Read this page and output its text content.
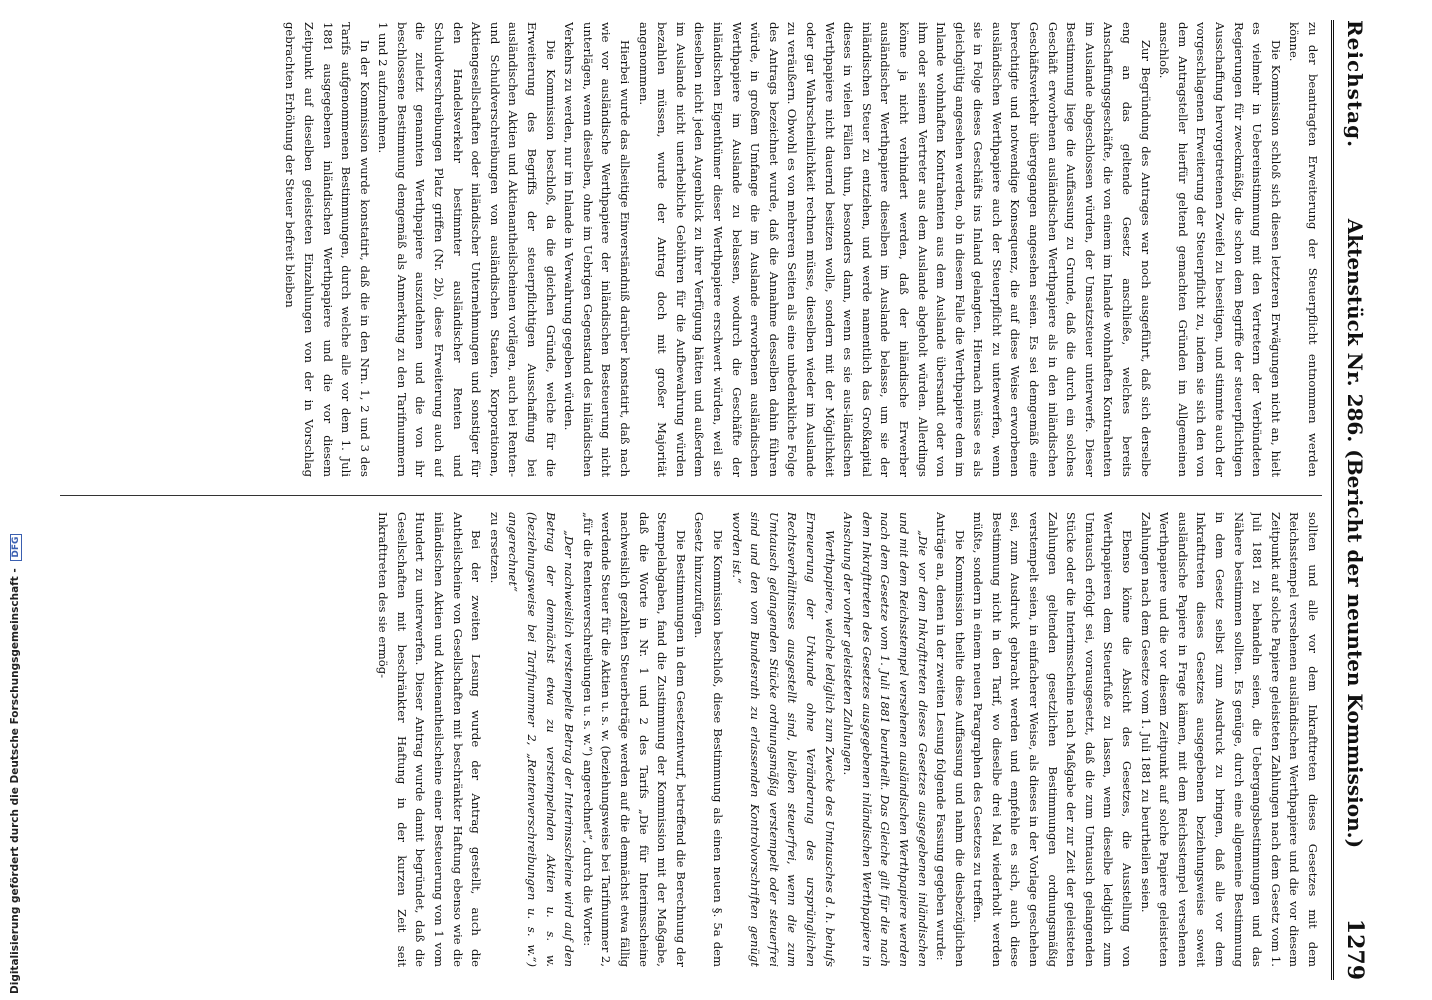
Digitalisierung gefördert durch die Deutsche Forschungsgemeinschaft - DFG
Reichstag.
Aktenstück Nr. 286. (Bericht der neunten Kommission.)
1279

zu der beantragten Erweiterung der Steuerpflicht entnommen werden könne.

Die Kommission schloß sich diesen letzteren Erwägungen nicht an, hielt es vielmehr in Uebereinstimmung mit den Vertretern der Verbündeten Regierungen für zweckmäßig, die schon dem Begriffe der steuerpflichtigen Ausschaffung hervorgetretenen Zweifel zu beseitigen, und stimmte auch der vorgeschlagenen Erweiterung der Steuerpflicht zu, indem sie sich den von dem Antragsteller hierfür geltend gemachten Gründen im Allgemeinen anschloß.

Zur Begründung des Antrages war noch ausgeführt, daß sich derselbe eng an das geltende Gesetz anschließe, welches bereits Anschaffungsgeschäfte, die von einem im Inlande wohnhaften Kontrahenten im Auslande abgeschlossen würden, der Umsatzsteuer unterwerfe. Dieser Bestimmung liege die Auffassung zu Grunde, daß die durch ein solches Geschäft erworbenen ausländischen Werthpapiere als in den inländischen Geschäftsverkehr übergegangen angesehen seien. Es sei demgemäß eine berechtigte und notwendige Konsequenz, die auf diese Weise erworbenen ausländischen Werthpapiere auch der Steuerpflicht zu unterwerfen, wenn sie in Folge dieses Geschäfts ins Inland gelangten. Hiernach müsse es als gleichgültig angesehen werden, ob in diesem Falle die Werthpapiere dem im Inlande wohnhaften Kontrahenten aus dem Auslande übersandt oder von ihm oder seinem Vertreter aus dem Auslande abgeholt würden. Allerdings könne ja nicht verhindert werden, daß der inländische Erwerber ausländischer Werthpapiere dieselben im Auslande belasse, um sie der inländischen Steuer zu entziehen, und werde namentlich das Großkapital dieses in vielen Fällen thun, besonders dann, wenn es sie aus-ländischen Werthpapiere nicht dauernd besitzen wolle, sondern mit der Möglichkeit oder gar Wahrscheinlichkeit rechnen müsse, dieselben wieder im Auslande zu veräußern. Obwohl es von mehreren Seiten als eine unbedenkliche Folge des Antrags bezeichnet wurde, daß die Annahme desselben dahin führen würde, in großem Umfange die im Auslande erworbenen ausländischen Werthpapiere im Auslande zu belassen, wodurch die Geschäfte der inländischen Eigenthümer dieser Werthpapiere erschwert würden, weil sie dieselben nicht jeden Augenblick zu ihrer Verfügung hätten und außerdem im Auslande nicht unerhebliche Gebühren für die Aufbewahrung würden bezahlen müssen, wurde der Antrag doch mit großer Majorität angenommen.

Hierbei wurde das allseitige Einverständniß darüber konstatirt, daß nach wie vor ausländische Werthpapiere der inländischen Besteuerung nicht unterlägen, wenn dieselben, ohne im Uebrigen Gegenstand des inländischen Verkehrs zu werden, nur im Inlande in Verwahrung gegeben würden.

Die Kommission beschloß, da die gleichen Gründe, welche für die Erweiterung des Begriffs der steuerpflichtigen Ausschaffung bei ausländischen Aktien und Aktienantheilscheinen vorlägen, auch bei Renten- und Schuldverschreibungen von ausländischen Staaten, Korporationen, Aktiengesellschaften oder inländischer Unternehmungen und sonstiger für den Handelsverkehr bestimmter ausländischer Renten und Schuldverschreibungen Platz griffen (Nr. 2b), diese Erweiterung auch auf die zuletzt genannten Werthpapiere auszudehnen und die von ihr beschlossene Bestimmung demgemäß als Anmerkung zu den Tarifnummern 1 und 2 aufzunehmen.

In der Kommission wurde konstatirt, daß die in den Nrn. 1, 2 und 3 des Tarifs aufgenommenen Bestimmungen, durch welche alle vor dem 1. Juli 1881 ausgegebenen inländischen Werthpapiere und die vor diesem Zeitpunkt auf dieselben geleisteten Einzahlungen von der in Vorschlag gebrachten Erhöhung der Steuer befreit bleiben

sollten und alle vor dem Inkrafttreten dieses Gesetzes mit dem Reichsstempel versehenen ausländischen Werthpapiere und die vor diesem Zeitpunkt auf solche Papiere geleisteten Zahlungen nach dem Gesetz vom 1. Juli 1881 zu behandeln seien, die Uebergangsbestimmungen und das Nähere bestimmen sollten. Es genüge, durch eine allgemeine Bestimmung in dem Gesetz selbst zum Ausdruck zu bringen, daß alle vor dem Inkrafttreten dieses Gesetzes ausgegebenen beziehungsweise soweit ausländische Papiere in Frage kämen, mit dem Reichsstempel versehenen Werthpapiere und die vor diesem Zeitpunkt auf solche Papiere geleisteten Zahlungen nach dem Gesetze vom 1. Juli 1881 zu beurtheilen seien.

Ebenso könne die Absicht des Gesetzes, die Ausstellung von Werthpapieren dem Steuerfuße zu lassen, wenn dieselbe lediglich zum Umtausch erfolgt sei, vorausgesetzt, daß die zum Umtausch gelangenden Stücke oder die Interimsscheine nach Maßgabe der zur Zeit der geleisteten Zahlungen geltenden gesetzlichen Bestimmungen ordnungsmäßig verstempelt seien, in einfacherer Weise, als dieses in der Vorlage geschehen sei, zum Ausdruck gebracht werden und empfehle es sich, auch diese Bestimmung nicht in den Tarif, wo dieselbe drei Mal wiederholt werden müßte, sondern in einem neuen Paragraphen des Gesetzes zu treffen.

Die Kommission theilte diese Auffassung und nahm die diesbezüglichen Anträge an, denen in der zweiten Lesung folgende Fassung gegeben wurde:

„Die vor dem Inkrafttreten dieses Gesetzes ausgegebenen inländischen und mit dem Reichsstempel versehenen ausländischen Werthpapiere werden nach dem Gesetze vom 1. Juli 1881 beurtheilt. Das Gleiche gilt für die nach dem Inkrafttreten des Gesetzes ausgegebenen inländischen Werthpapiere in Anschung der vorher geleisteten Zahlungen.

Werthpapiere, welche lediglich zum Zwecke des Umtausches d. h. behufs Erneuerung der Urkunde ohne Veränderung des ursprünglichen Rechtsverhältnisses ausgestellt sind, bleiben steuerfrei, wenn die zum Umtausch gelangenden Stücke ordnungsmäßig verstempelt oder steuerfrei sind und den vom Bundesrath zu erlassenden Kontrolvorschriften genügt worden ist.“

Die Kommission beschloß, diese Bestimmung als einen neuen §. 5a dem Gesetz hinzuzufügen.

Die Bestimmungen in dem Gesetzentwurf, betreffend die Berechnung der Stempelabgaben, fand die Zustimmung der Kommission mit der Maßgabe, daß die Worte in Nr. 1 und 2 des Tarifs „Die für Interimsscheine nachweislich gezahlten Steuerbeträge werden auf die demnächst etwa fällig werdende Steuer für die Aktien u. s. w. (beziehungsweise bei Tarifnummer 2, „für die Rentenverschreibungen u. s. w.“) angerechnet“, durch die Worte:

„Der nachweislich verstempelte Betrag der Interimsscheine wird auf den Betrag der demnächst etwa zu verstempelnden Aktien u. s. w. (beziehungsweise bei Tarifnummer 2, „Rentenverschreibungen u. s. w.“) angerechnet“

zu ersetzen.

Bei der zweiten Lesung wurde der Antrag gestellt, auch die Antheilscheine von Gesellschaften mit beschränkter Haftung ebenso wie die inländischen Aktien und Aktienantheilscheine einer Besteuerung von 1 vom Hundert zu unterwerfen. Dieser Antrag wurde damit begründet, daß die Gesellschaften mit beschränkter Haftung in der kurzen Zeit seit Inkrafttreten des sie ermög-
